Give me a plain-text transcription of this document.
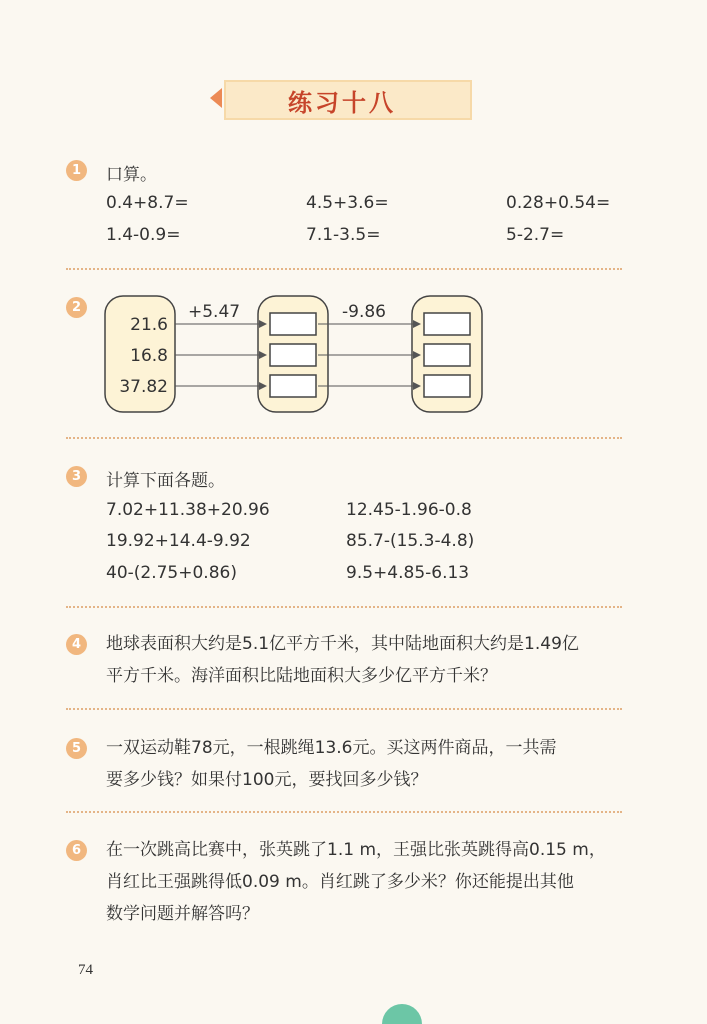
练习十八
1	口算。
0.4+8.7=	4.5+3.6=	0.28+0.54=
1.4-0.9=	7.1-3.5=	5-2.7=
2
21.6
16.8
37.82
+5.47	-9.86
3	计算下面各题。
7.02+11.38+20.96	12.45-1.96-0.8
19.92+14.4-9.92	85.7-(15.3-4.8)
40-(2.75+0.86)	9.5+4.85-6.13
4	地球表面积大约是5.1亿平方千米，其中陆地面积大约是1.49亿
平方千米。海洋面积比陆地面积大多少亿平方千米？
5	一双运动鞋78元，一根跳绳13.6元。买这两件商品，一共需
要多少钱？如果付100元，要找回多少钱？
6	在一次跳高比赛中，张英跳了1.1 m，王强比张英跳得高0.15 m，
肖红比王强跳得低0.09 m。肖红跳了多少米？你还能提出其他
数学问题并解答吗？
74
